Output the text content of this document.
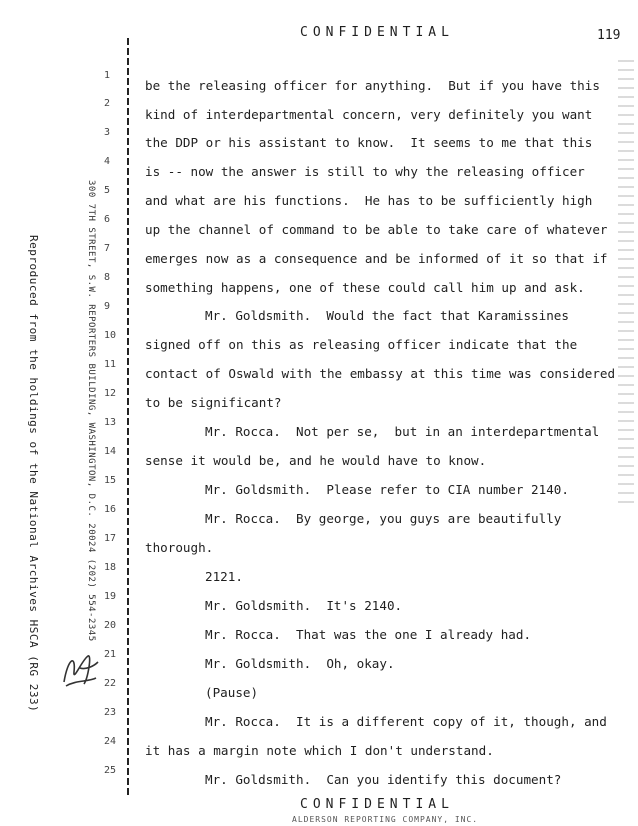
CONFIDENTIAL	119
Reproduced from the holdings of the National Archives HSCA (RG 233)	300 7TH STREET, S.W. REPORTERS BUILDING, WASHINGTON, D.C. 20024 (202) 554-2345
1
2
3
4
5
6
7
8
9
10
11
12
13
14
15
16
17
18
19
20
21
22
23
24
25
be the releasing officer for anything.  But if you have this
kind of interdepartmental concern, very definitely you want
the DDP or his assistant to know.  It seems to me that this
is -- now the answer is still to why the releasing officer
and what are his functions.  He has to be sufficiently high
up the channel of command to be able to take care of whatever
emerges now as a consequence and be informed of it so that if
something happens, one of these could call him up and ask.
Mr. Goldsmith.  Would the fact that Karamissines
signed off on this as releasing officer indicate that the
contact of Oswald with the embassy at this time was considered
to be significant?
Mr. Rocca.  Not per se,  but in an interdepartmental
sense it would be, and he would have to know.
Mr. Goldsmith.  Please refer to CIA number 2140.
Mr. Rocca.  By george, you guys are beautifully
thorough.
2121.
Mr. Goldsmith.  It's 2140.
Mr. Rocca.  That was the one I already had.
Mr. Goldsmith.  Oh, okay.
(Pause)
Mr. Rocca.  It is a different copy of it, though, and
it has a margin note which I don't understand.
Mr. Goldsmith.  Can you identify this document?
CONFIDENTIAL
ALDERSON REPORTING COMPANY, INC.
